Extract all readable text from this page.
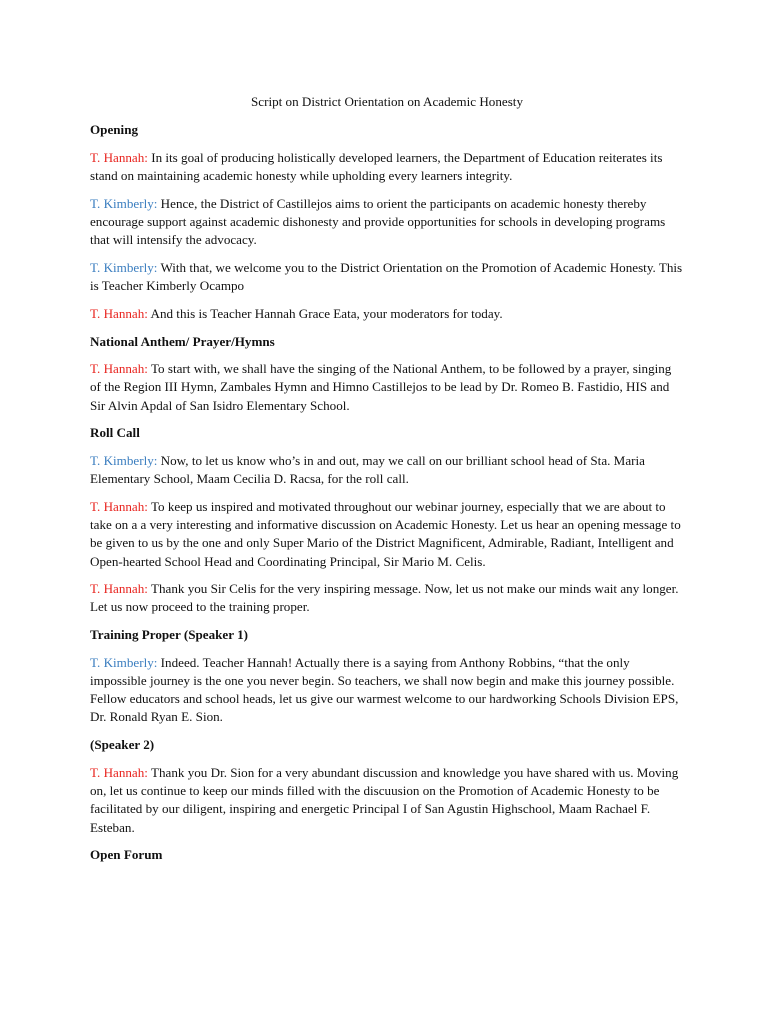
Script on District Orientation on Academic Honesty
Opening
T. Hannah: In its goal of producing holistically developed learners, the Department of Education reiterates its stand on maintaining academic honesty while upholding every learners integrity.
T. Kimberly: Hence, the District of Castillejos aims to orient the participants on academic honesty thereby encourage support against academic dishonesty and provide opportunities for schools in developing programs that will intensify the advocacy.
T. Kimberly: With that, we welcome you to the District Orientation on the Promotion of Academic Honesty. This is Teacher Kimberly Ocampo
T. Hannah: And this is Teacher Hannah Grace Eata, your moderators for today.
National Anthem/ Prayer/Hymns
T. Hannah: To start with, we shall have the singing of the National Anthem, to be followed by a prayer, singing of the Region III Hymn, Zambales Hymn and Himno Castillejos to be lead by Dr. Romeo B. Fastidio, HIS and Sir Alvin Apdal of San Isidro Elementary School.
Roll Call
T. Kimberly: Now, to let us know who’s in and out, may we call on our brilliant school head of Sta. Maria Elementary School, Maam Cecilia D. Racsa, for the roll call.
T. Hannah: To keep us inspired and motivated throughout our webinar journey, especially that we are about to take on a a very interesting and informative discussion on Academic Honesty. Let us hear an opening message to be given to us by the one and only Super Mario of the District Magnificent, Admirable, Radiant, Intelligent and Open-hearted School Head and Coordinating Principal, Sir Mario M. Celis.
T. Hannah: Thank you Sir Celis for the very inspiring message. Now, let us not make our minds wait any longer. Let us now proceed to the training proper.
Training Proper (Speaker 1)
T. Kimberly: Indeed. Teacher Hannah! Actually there is a saying from Anthony Robbins, “that the only impossible journey is the one you never begin. So teachers, we shall now begin and make this journey possible. Fellow educators and school heads, let us give our warmest welcome to our hardworking Schools Division EPS, Dr. Ronald Ryan E. Sion.
(Speaker 2)
T. Hannah: Thank you Dr. Sion for a very abundant discussion and knowledge you have shared with us. Moving on, let us continue to keep our minds filled with the discuusion on the Promotion of Academic Honesty to be facilitated by our diligent, inspiring and energetic Principal I of San Agustin Highschool, Maam Rachael F. Esteban.
Open Forum
